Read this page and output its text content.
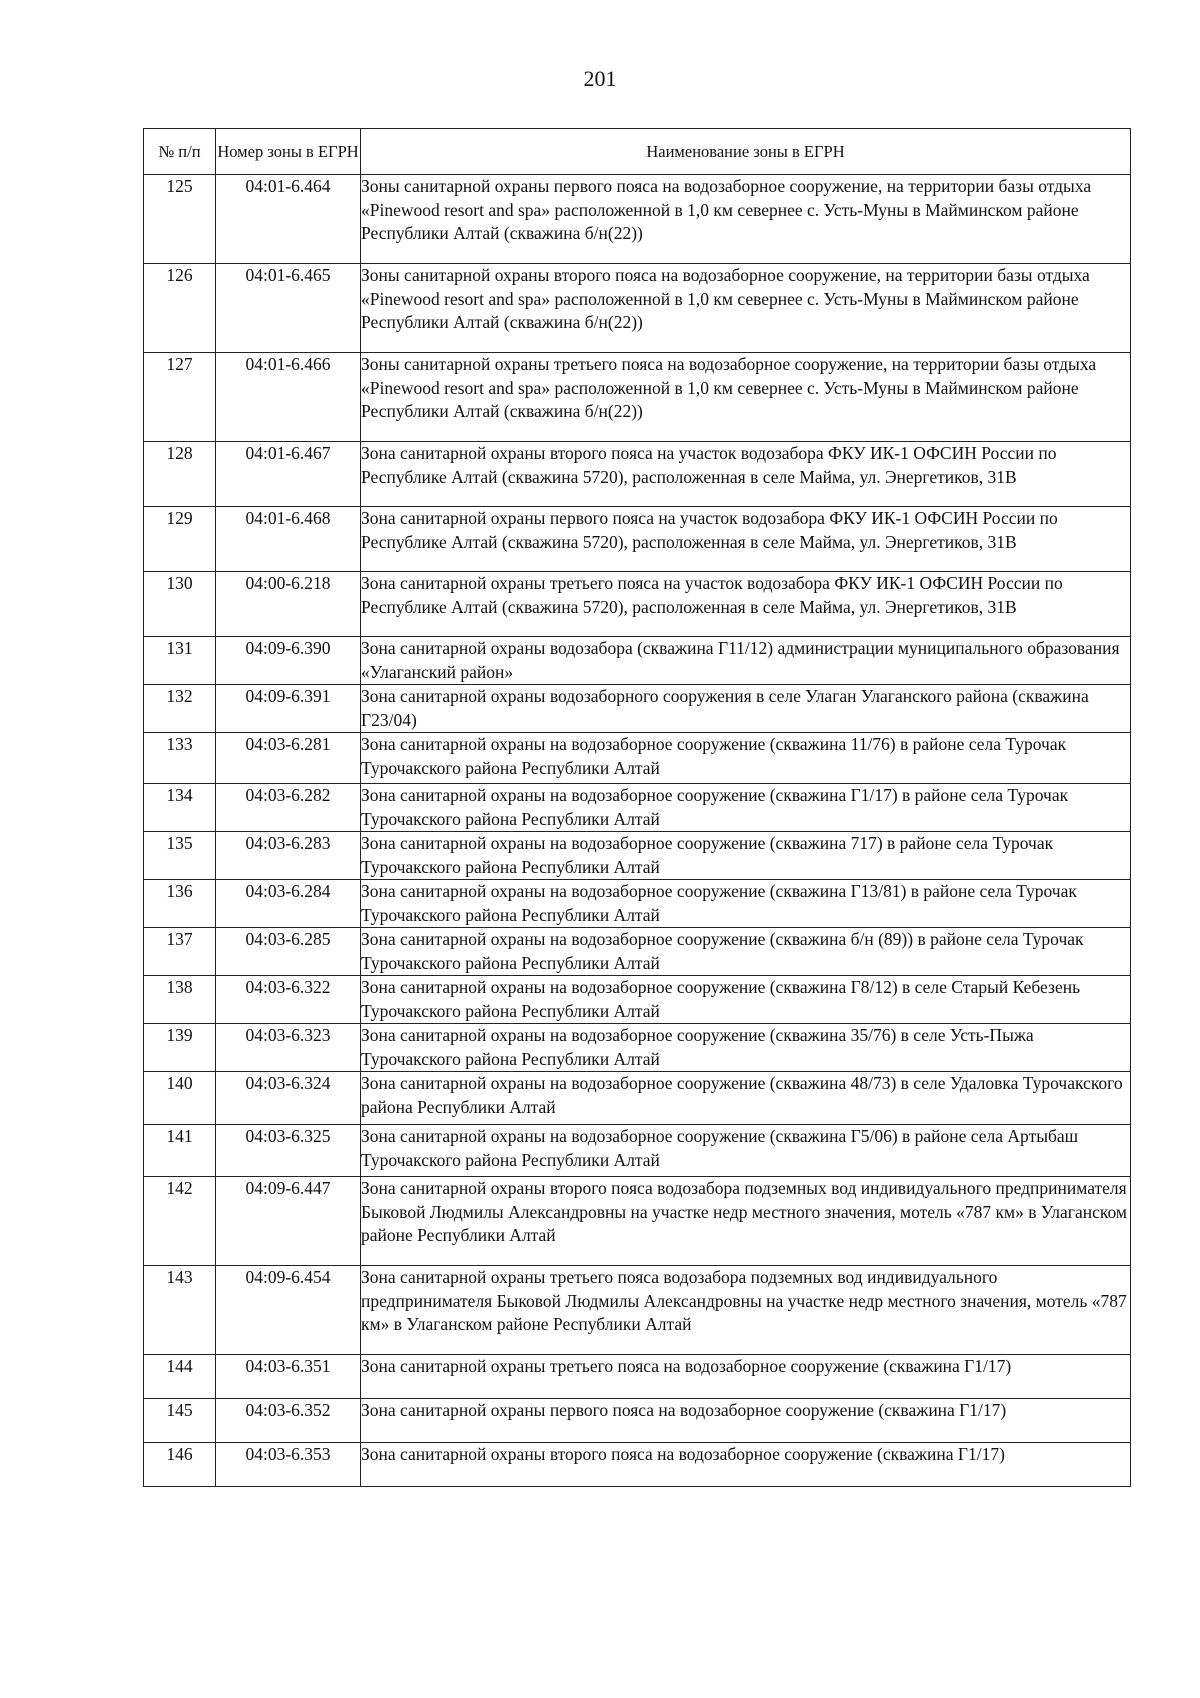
201
№ п/п	Номер зоны в ЕГРН	Наименование зоны в ЕГРН
125	04:01-6.464	Зоны санитарной охраны первого пояса на водозаборное сооружение, на территории базы отдыха «Pinewood resort and spa» расположенной в 1,0 км севернее с. Усть-Муны в Майминском районе Республики Алтай (скважина б/н(22))
126	04:01-6.465	Зоны санитарной охраны второго пояса на водозаборное сооружение, на территории базы отдыха «Pinewood resort and spa» расположенной в 1,0 км севернее с. Усть-Муны в Майминском районе Республики Алтай (скважина б/н(22))
127	04:01-6.466	Зоны санитарной охраны третьего пояса на водозаборное сооружение, на территории базы отдыха «Pinewood resort and spa» расположенной в 1,0 км севернее с. Усть-Муны в Майминском районе Республики Алтай (скважина б/н(22))
128	04:01-6.467	Зона санитарной охраны второго пояса на участок водозабора ФКУ ИК-1 ОФСИН России по Республике Алтай (скважина 5720), расположенная в селе Майма, ул. Энергетиков, 31В
129	04:01-6.468	Зона санитарной охраны первого пояса на участок водозабора ФКУ ИК-1 ОФСИН России по Республике Алтай (скважина 5720), расположенная в селе Майма, ул. Энергетиков, 31В
130	04:00-6.218	Зона санитарной охраны третьего пояса на участок водозабора ФКУ ИК-1 ОФСИН России по Республике Алтай (скважина 5720), расположенная в селе Майма, ул. Энергетиков, 31В
131	04:09-6.390	Зона санитарной охраны водозабора (скважина Г11/12) администрации муниципального образования «Улаганский район»
132	04:09-6.391	Зона санитарной охраны водозаборного сооружения в селе Улаган Улаганского района (скважина Г23/04)
133	04:03-6.281	Зона санитарной охраны на водозаборное сооружение (скважина 11/76) в районе села Турочак Турочакского района Республики Алтай
134	04:03-6.282	Зона санитарной охраны на водозаборное сооружение (скважина Г1/17) в районе села Турочак Турочакского района Республики Алтай
135	04:03-6.283	Зона санитарной охраны на водозаборное сооружение (скважина 717) в районе села Турочак Турочакского района Республики Алтай
136	04:03-6.284	Зона санитарной охраны на водозаборное сооружение (скважина Г13/81) в районе села Турочак Турочакского района Республики Алтай
137	04:03-6.285	Зона санитарной охраны на водозаборное сооружение (скважина б/н (89)) в районе села Турочак Турочакского района Республики Алтай
138	04:03-6.322	Зона санитарной охраны на водозаборное сооружение (скважина Г8/12) в селе Старый Кебезень Турочакского района Республики Алтай
139	04:03-6.323	Зона санитарной охраны на водозаборное сооружение (скважина 35/76) в селе Усть-Пыжа Турочакского района Республики Алтай
140	04:03-6.324	Зона санитарной охраны на водозаборное сооружение (скважина 48/73) в селе Удаловка Турочакского района Республики Алтай
141	04:03-6.325	Зона санитарной охраны на водозаборное сооружение (скважина Г5/06) в районе села Артыбаш Турочакского района Республики Алтай
142	04:09-6.447	Зона санитарной охраны второго пояса водозабора подземных вод индивидуального предпринимателя Быковой Людмилы Александровны на участке недр местного значения, мотель «787 км» в Улаганском районе Республики Алтай
143	04:09-6.454	Зона санитарной охраны третьего пояса водозабора подземных вод индивидуального предпринимателя Быковой Людмилы Александровны на участке недр местного значения, мотель «787 км» в Улаганском районе Республики Алтай
144	04:03-6.351	Зона санитарной охраны третьего пояса на водозаборное сооружение (скважина Г1/17)
145	04:03-6.352	Зона санитарной охраны первого пояса на водозаборное сооружение (скважина Г1/17)
146	04:03-6.353	Зона санитарной охраны второго пояса на водозаборное сооружение (скважина Г1/17)
